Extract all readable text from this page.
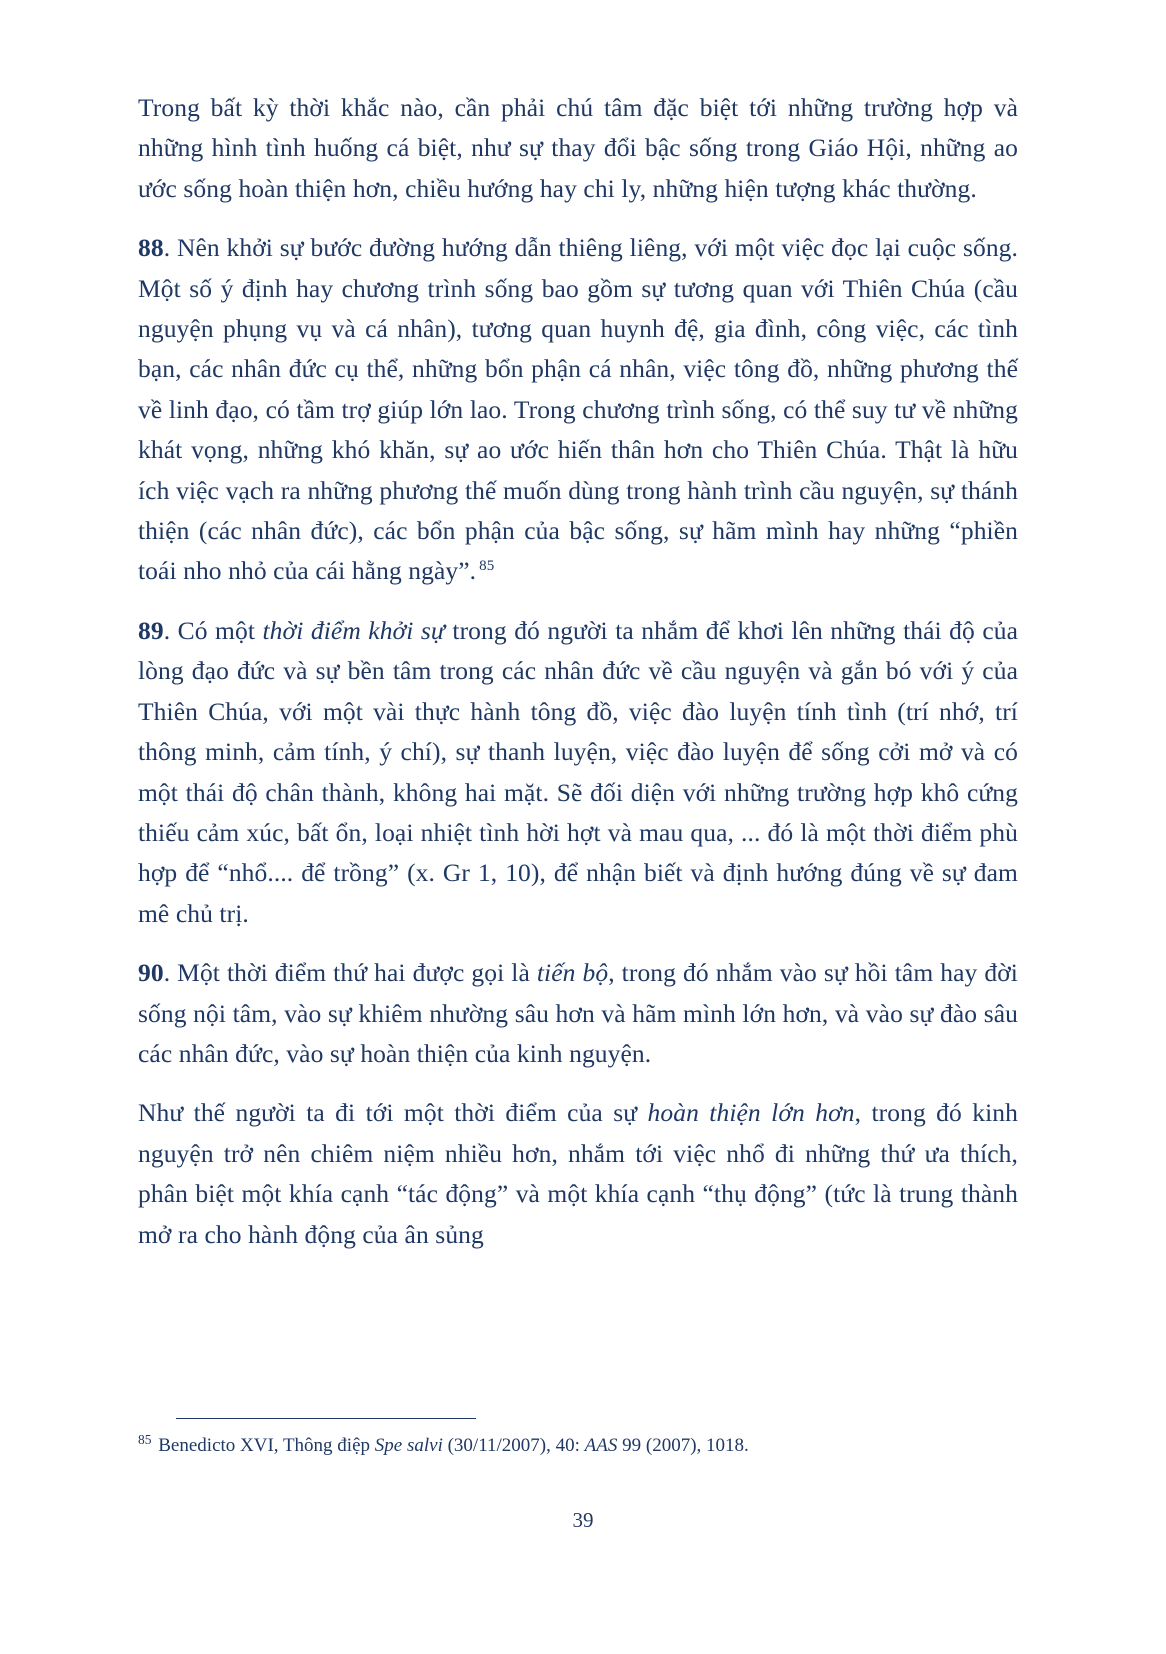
Trong bất kỳ thời khắc nào, cần phải chú tâm đặc biệt tới những trường hợp và những hình tình huống cá biệt, như sự thay đổi bậc sống trong Giáo Hội, những ao ước sống hoàn thiện hơn, chiều hướng hay chi ly, những hiện tượng khác thường.

88. Nên khởi sự bước đường hướng dẫn thiêng liêng, với một việc đọc lại cuộc sống. Một số ý định hay chương trình sống bao gồm sự tương quan với Thiên Chúa (cầu nguyện phụng vụ và cá nhân), tương quan huynh đệ, gia đình, công việc, các tình bạn, các nhân đức cụ thể, những bổn phận cá nhân, việc tông đồ, những phương thế về linh đạo, có tầm trợ giúp lớn lao. Trong chương trình sống, có thể suy tư về những khát vọng, những khó khăn, sự ao ước hiến thân hơn cho Thiên Chúa. Thật là hữu ích việc vạch ra những phương thế muốn dùng trong hành trình cầu nguyện, sự thánh thiện (các nhân đức), các bổn phận của bậc sống, sự hãm mình hay những “phiền toái nho nhỏ của cái hằng ngày”. $^{85}$

89. Có một thời điểm khởi sự trong đó người ta nhắm để khơi lên những thái độ của lòng đạo đức và sự bền tâm trong các nhân đức về cầu nguyện và gắn bó với ý của Thiên Chúa, với một vài thực hành tông đồ, việc đào luyện tính tình (trí nhớ, trí thông minh, cảm tính, ý chí), sự thanh luyện, việc đào luyện để sống cởi mở và có một thái độ chân thành, không hai mặt. Sẽ đối diện với những trường hợp khô cứng thiếu cảm xúc, bất ổn, loại nhiệt tình hời hợt và mau qua, ... đó là một thời điểm phù hợp để “nhổ.... để trồng” (x. Gr 1, 10), để nhận biết và định hướng đúng về sự đam mê chủ trị.

90. Một thời điểm thứ hai được gọi là tiến bộ, trong đó nhắm vào sự hồi tâm hay đời sống nội tâm, vào sự khiêm nhường sâu hơn và hãm mình lớn hơn, và vào sự đào sâu các nhân đức, vào sự hoàn thiện của kinh nguyện.

Như thế người ta đi tới một thời điểm của sự hoàn thiện lớn hơn, trong đó kinh nguyện trở nên chiêm niệm nhiều hơn, nhắm tới việc nhổ đi những thứ ưa thích, phân biệt một khía cạnh “tác động” và một khía cạnh “thụ động” (tức là trung thành mở ra cho hành động của ân sủng

$^{85}$ Benedicto XVI, Thông điệp Spe salvi (30/11/2007), 40: AAS 99 (2007), 1018.
39
